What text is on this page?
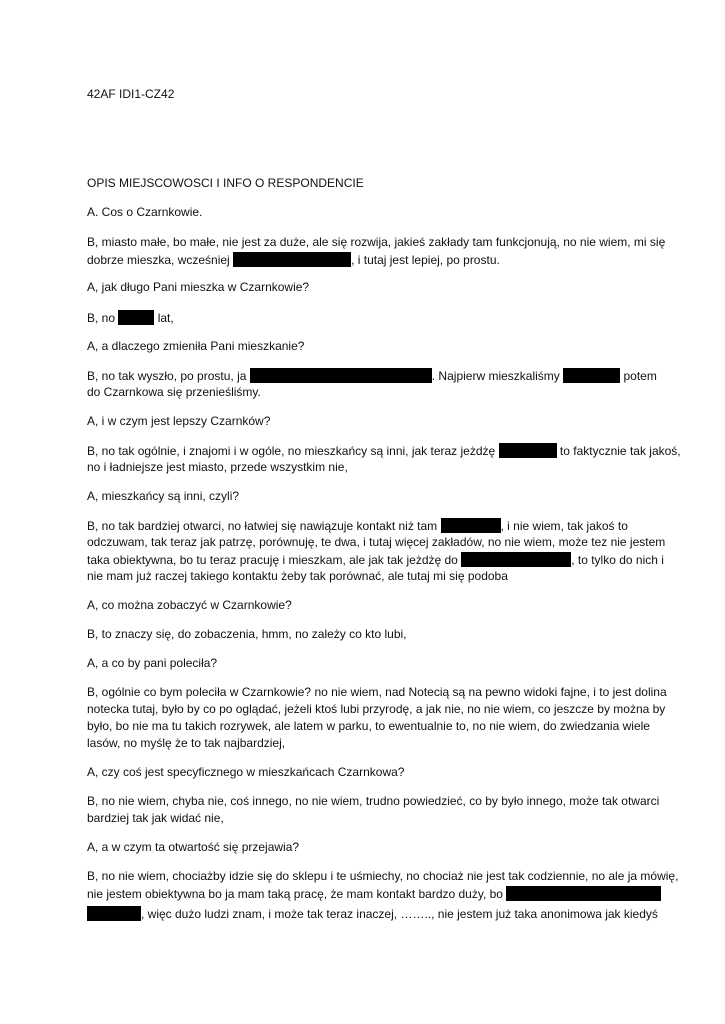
42AF IDI1-CZ42
OPIS MIEJSCOWOSCI I INFO O RESPONDENCIE
A. Cos o Czarnkowie.
B, miasto małe, bo małe, nie jest za duże, ale się rozwija, jakieś zakłady tam funkcjonują, no nie wiem, mi się
dobrze mieszka, wcześniej	, i tutaj jest lepiej, po prostu.
A, jak długo Pani mieszka w Czarnkowie?
B, no	lat,
A, a dlaczego zmieniła Pani mieszkanie?
B, no tak wyszło, po prostu, ja	. Najpierw mieszkaliśmy	potem
do Czarnkowa się przenieśliśmy.
A, i w czym jest lepszy Czarnków?
B, no tak ogólnie, i znajomi i w ogóle, no mieszkańcy są inni, jak teraz jeżdżę	to faktycznie tak jakoś,
no i ładniejsze jest miasto, przede wszystkim nie,
A, mieszkańcy są inni, czyli?
B, no tak bardziej otwarci, no łatwiej się nawiązuje kontakt niż tam	, i nie wiem, tak jakoś to
odczuwam, tak teraz jak patrzę, porównuję, te dwa, i tutaj więcej zakładów, no nie wiem, może tez nie jestem
taka obiektywna, bo tu teraz pracuję i mieszkam, ale jak tak jeżdżę do	, to tylko do nich i
nie mam już raczej takiego kontaktu żeby tak porównać, ale tutaj mi się podoba
A, co można zobaczyć w Czarnkowie?
B, to znaczy się, do zobaczenia, hmm, no zależy co kto lubi,
A, a co by pani poleciła?
B, ogólnie co bym poleciła w Czarnkowie? no nie wiem, nad Notecią są na pewno widoki fajne, i to jest dolina
notecka tutaj, było by co po oglądać, jeżeli ktoś lubi przyrodę, a jak nie, no nie wiem, co jeszcze by można by
było, bo nie ma tu takich rozrywek, ale latem w parku, to ewentualnie to, no nie wiem, do zwiedzania wiele
lasów, no myślę że to tak najbardziej,
A, czy coś jest specyficznego w mieszkańcach Czarnkowa?
B, no nie wiem, chyba nie, coś innego, no nie wiem, trudno powiedzieć, co by było innego, może tak otwarci
bardziej tak jak widać nie,
A, a w czym ta otwartość się przejawia?
B, no nie wiem, chociażby idzie się do sklepu i te uśmiechy, no chociaż nie jest tak codziennie, no ale ja mówię,
nie jestem obiektywna bo ja mam taką pracę, że mam kontakt bardzo duży, bo
, więc dużo ludzi znam, i może tak teraz inaczej, …….., nie jestem już taka anonimowa jak kiedyś
